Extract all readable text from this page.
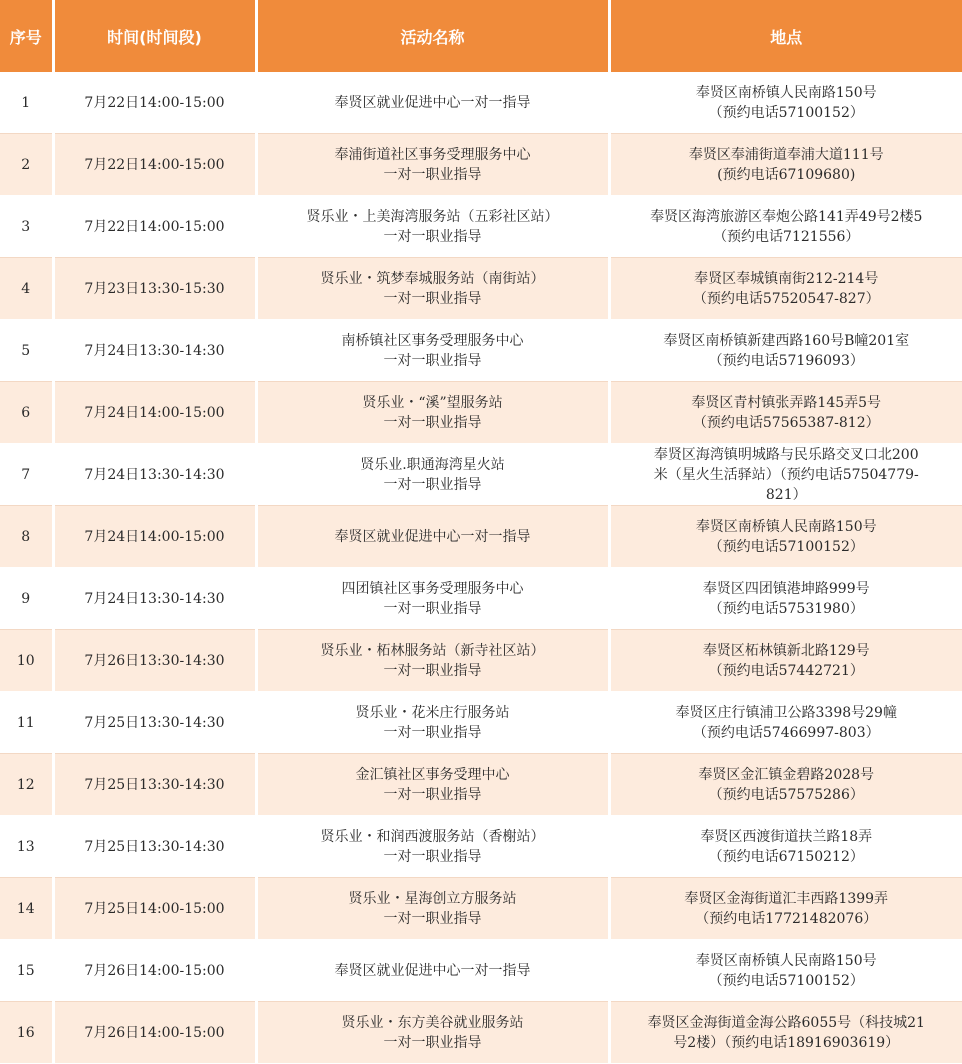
序号	时间(时间段)	活动名称	地点
1	7月22日14:00-15:00	奉贤区就业促进中心一对一指导	奉贤区南桥镇人民南路150号
（预约电话57100152）

2	7月22日14:00-15:00	奉浦街道社区事务受理服务中心
一对一职业指导	奉贤区奉浦街道奉浦大道111号
(预约电话67109680)

3	7月22日14:00-15:00	贤乐业・上美海湾服务站（五彩社区站）
一对一职业指导	奉贤区海湾旅游区奉炮公路141弄49号2楼5
（预约电话7121556）

4	7月23日13:30-15:30	贤乐业・筑梦奉城服务站（南街站）
一对一职业指导	奉贤区奉城镇南街212-214号
（预约电话57520547-827）

5	7月24日13:30-14:30	南桥镇社区事务受理服务中心
一对一职业指导	奉贤区南桥镇新建西路160号B幢201室
（预约电话57196093）

6	7月24日14:00-15:00	贤乐业・“溪”望服务站
一对一职业指导	奉贤区青村镇张弄路145弄5号
（预约电话57565387-812）

7	7月24日13:30-14:30	贤乐业.职通海湾星火站
一对一职业指导	奉贤区海湾镇明城路与民乐路交叉口北200
米（星火生活驿站）（预约电话57504779-
821）

8	7月24日14:00-15:00	奉贤区就业促进中心一对一指导	奉贤区南桥镇人民南路150号
（预约电话57100152）

9	7月24日13:30-14:30	四团镇社区事务受理服务中心
一对一职业指导	奉贤区四团镇港坤路999号
（预约电话57531980）

10	7月26日13:30-14:30	贤乐业・柘林服务站（新寺社区站）
一对一职业指导	奉贤区柘林镇新北路129号
（预约电话57442721）

11	7月25日13:30-14:30	贤乐业・花米庄行服务站
一对一职业指导	奉贤区庄行镇浦卫公路3398号29幢
（预约电话57466997-803）

12	7月25日13:30-14:30	金汇镇社区事务受理中心
一对一职业指导	奉贤区金汇镇金碧路2028号
（预约电话57575286）

13	7月25日13:30-14:30	贤乐业・和润西渡服务站（香榭站）
一对一职业指导	奉贤区西渡街道扶兰路18弄
（预约电话67150212）

14	7月25日14:00-15:00	贤乐业・星海创立方服务站
一对一职业指导	奉贤区金海街道汇丰西路1399弄
（预约电话17721482076）

15	7月26日14:00-15:00	奉贤区就业促进中心一对一指导	奉贤区南桥镇人民南路150号
（预约电话57100152）

16	7月26日14:00-15:00	贤乐业・东方美谷就业服务站
一对一职业指导	奉贤区金海街道金海公路6055号（科技城21
号2楼）（预约电话18916903619）
